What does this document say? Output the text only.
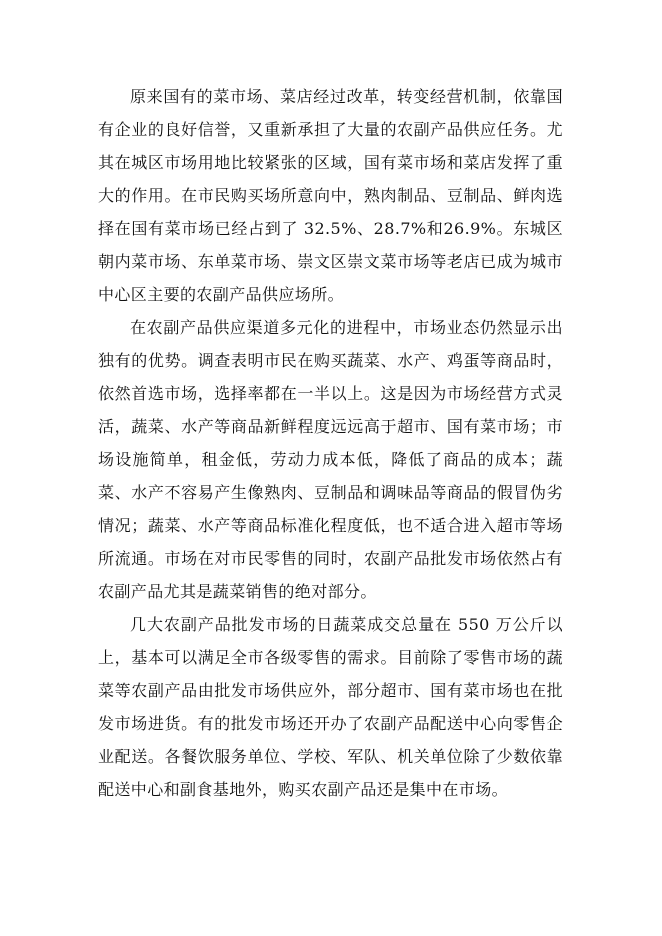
原来国有的菜市场、菜店经过改革，转变经营机制，依靠国有企业的良好信誉，又重新承担了大量的农副产品供应任务。尤其在城区市场用地比较紧张的区域，国有菜市场和菜店发挥了重大的作用。在市民购买场所意向中，熟肉制品、豆制品、鲜肉选择在国有菜市场已经占到了 32.5%、28.7%和26.9%。东城区朝内菜市场、东单菜市场、崇文区崇文菜市场等老店已成为城市中心区主要的农副产品供应场所。

在农副产品供应渠道多元化的进程中，市场业态仍然显示出独有的优势。调查表明市民在购买蔬菜、水产、鸡蛋等商品时，依然首选市场，选择率都在一半以上。这是因为市场经营方式灵活，蔬菜、水产等商品新鲜程度远远高于超市、国有菜市场；市场设施简单，租金低，劳动力成本低，降低了商品的成本；蔬菜、水产不容易产生像熟肉、豆制品和调味品等商品的假冒伪劣情况；蔬菜、水产等商品标准化程度低，也不适合进入超市等场所流通。市场在对市民零售的同时，农副产品批发市场依然占有农副产品尤其是蔬菜销售的绝对部分。

几大农副产品批发市场的日蔬菜成交总量在 550 万公斤以上，基本可以满足全市各级零售的需求。目前除了零售市场的蔬菜等农副产品由批发市场供应外，部分超市、国有菜市场也在批发市场进货。有的批发市场还开办了农副产品配送中心向零售企业配送。各餐饮服务单位、学校、军队、机关单位除了少数依靠配送中心和副食基地外，购买农副产品还是集中在市场。
